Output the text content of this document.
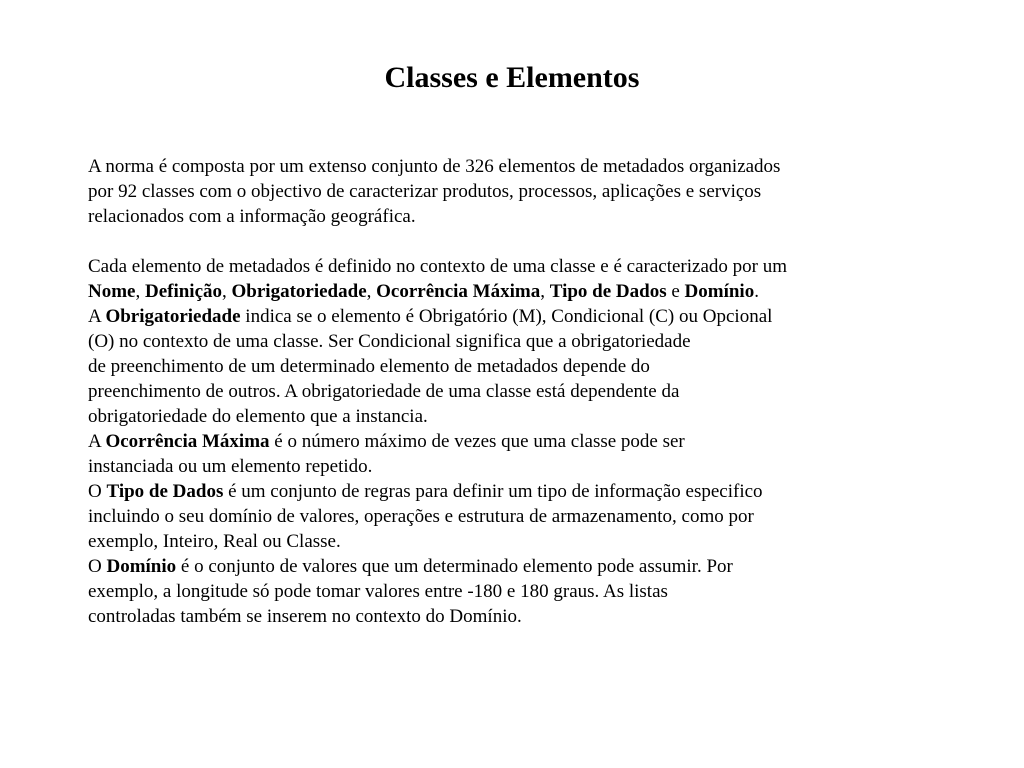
Classes e Elementos

A norma é composta por um extenso conjunto de 326 elementos de metadados organizados
por 92 classes com o objectivo de caracterizar produtos, processos, aplicações e serviços
relacionados com a informação geográfica.

Cada elemento de metadados é definido no contexto de uma classe e é caracterizado por um
Nome, Definição, Obrigatoriedade, Ocorrência Máxima, Tipo de Dados e Domínio.

A Obrigatoriedade indica se o elemento é Obrigatório (M), Condicional (C) ou Opcional
(O) no contexto de uma classe. Ser Condicional significa que a obrigatoriedade
de preenchimento de um determinado elemento de metadados depende do
preenchimento de outros. A obrigatoriedade de uma classe está dependente da
obrigatoriedade do elemento que a instancia.

A Ocorrência Máxima é o número máximo de vezes que uma classe pode ser
instanciada ou um elemento repetido.

O Tipo de Dados é um conjunto de regras para definir um tipo de informação especifico
incluindo o seu domínio de valores, operações e estrutura de armazenamento, como por
exemplo, Inteiro, Real ou Classe.

O Domínio é o conjunto de valores que um determinado elemento pode assumir. Por
exemplo, a longitude só pode tomar valores entre -180 e 180 graus. As listas
controladas também se inserem no contexto do Domínio.
